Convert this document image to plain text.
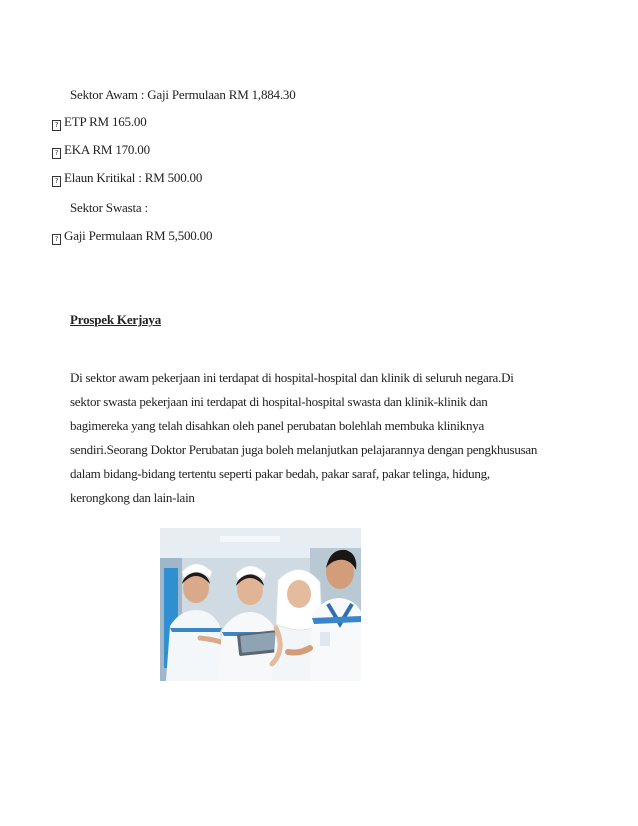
Sektor Awam : Gaji Permulaan RM 1,884.30
? ETP RM 165.00
? EKA RM 170.00
? Elaun Kritikal : RM 500.00
Sektor Swasta :
? Gaji Permulaan RM 5,500.00
Prospek Kerjaya
Di sektor awam pekerjaan ini terdapat di hospital-hospital dan klinik di seluruh negara.Di
sektor swasta pekerjaan ini terdapat di hospital-hospital swasta dan klinik-klinik dan
bagimereka yang telah disahkan oleh panel perubatan bolehlah membuka kliniknya
sendiri.Seorang Doktor Perubatan juga boleh melanjutkan pelajarannya dengan pengkhususan
dalam bidang-bidang tertentu seperti pakar bedah, pakar saraf, pakar telinga, hidung,
kerongkong dan lain-lain
